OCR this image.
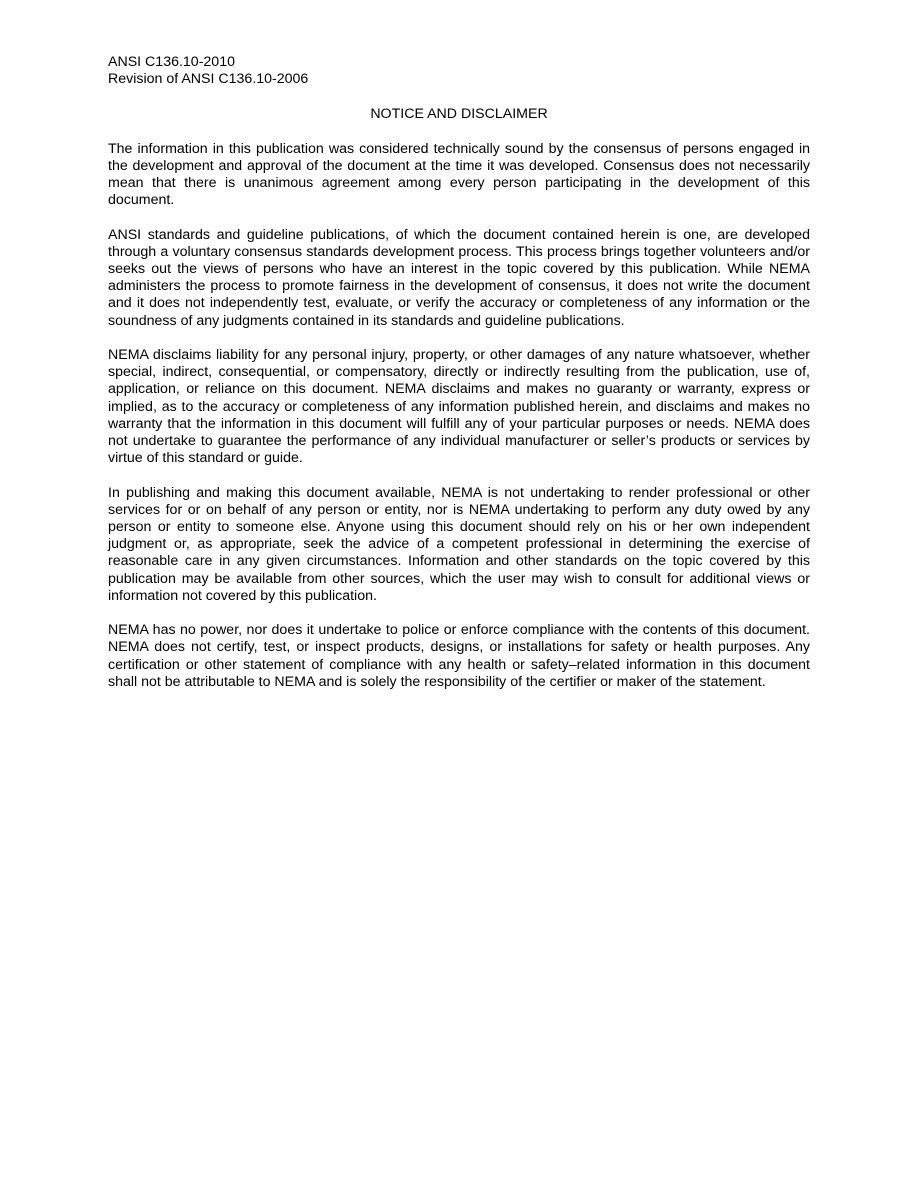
ANSI C136.10-2010
Revision of ANSI C136.10-2006
NOTICE AND DISCLAIMER

The information in this publication was considered technically sound by the consensus of persons engaged in the development and approval of the document at the time it was developed. Consensus does not necessarily mean that there is unanimous agreement among every person participating in the development of this document.

ANSI standards and guideline publications, of which the document contained herein is one, are developed through a voluntary consensus standards development process. This process brings together volunteers and/or seeks out the views of persons who have an interest in the topic covered by this publication. While NEMA administers the process to promote fairness in the development of consensus, it does not write the document and it does not independently test, evaluate, or verify the accuracy or completeness of any information or the soundness of any judgments contained in its standards and guideline publications.

NEMA disclaims liability for any personal injury, property, or other damages of any nature whatsoever, whether special, indirect, consequential, or compensatory, directly or indirectly resulting from the publication, use of, application, or reliance on this document. NEMA disclaims and makes no guaranty or warranty, express or implied, as to the accuracy or completeness of any information published herein, and disclaims and makes no warranty that the information in this document will fulfill any of your particular purposes or needs. NEMA does not undertake to guarantee the performance of any individual manufacturer or seller’s products or services by virtue of this standard or guide.

In publishing and making this document available, NEMA is not undertaking to render professional or other services for or on behalf of any person or entity, nor is NEMA undertaking to perform any duty owed by any person or entity to someone else. Anyone using this document should rely on his or her own independent judgment or, as appropriate, seek the advice of a competent professional in determining the exercise of reasonable care in any given circumstances. Information and other standards on the topic covered by this publication may be available from other sources, which the user may wish to consult for additional views or information not covered by this publication.

NEMA has no power, nor does it undertake to police or enforce compliance with the contents of this document. NEMA does not certify, test, or inspect products, designs, or installations for safety or health purposes. Any certification or other statement of compliance with any health or safety–related information in this document shall not be attributable to NEMA and is solely the responsibility of the certifier or maker of the statement.
